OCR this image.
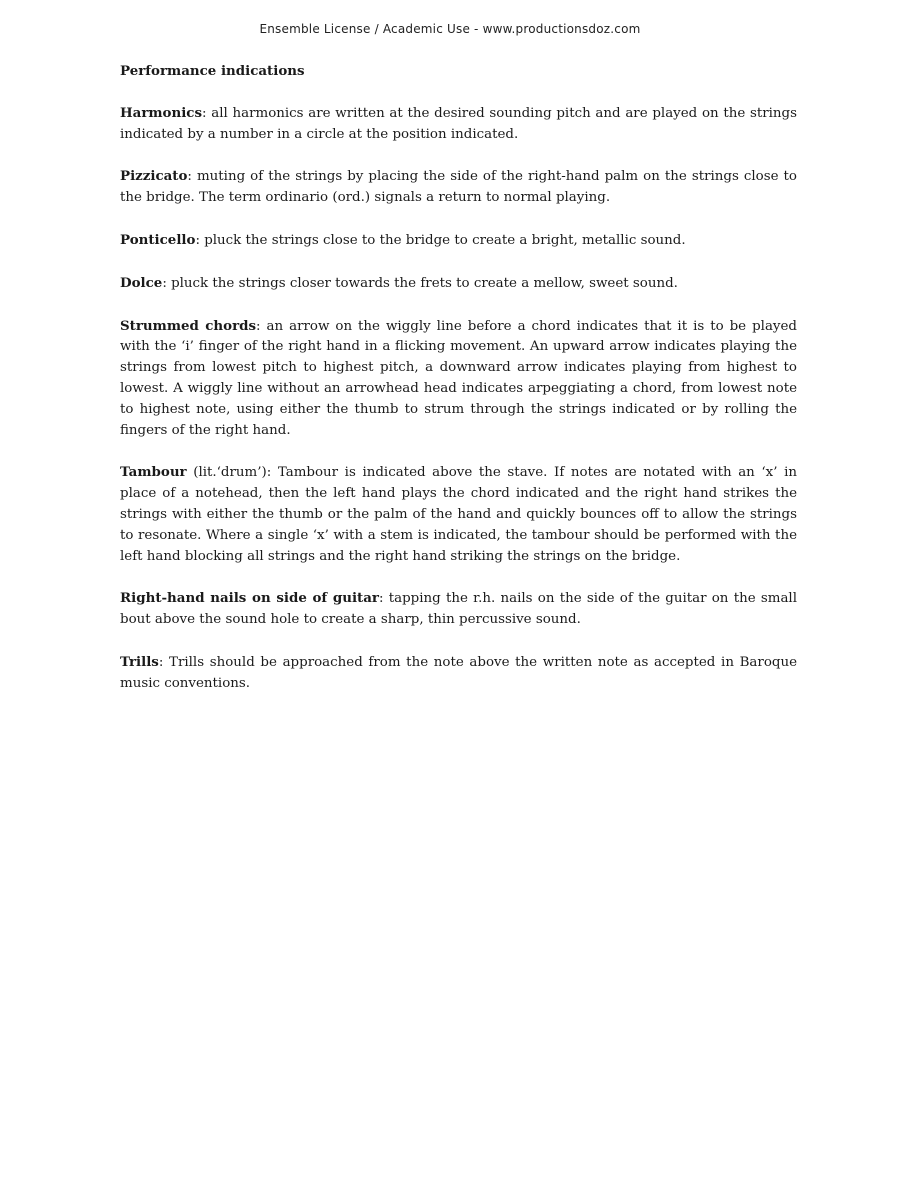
Ensemble License / Academic Use - www.productionsdoz.com
Performance indications

Harmonics: all harmonics are written at the desired sounding pitch and are played on the strings indicated by a number in a circle at the position indicated.

Pizzicato: muting of the strings by placing the side of the right-hand palm on the strings close to the bridge. The term ordinario (ord.) signals a return to normal playing.

Ponticello: pluck the strings close to the bridge to create a bright, metallic sound.

Dolce: pluck the strings closer towards the frets to create a mellow, sweet sound.

Strummed chords: an arrow on the wiggly line before a chord indicates that it is to be played with the ‘i’ finger of the right hand in a flicking movement. An upward arrow indicates playing the strings from lowest pitch to highest pitch, a downward arrow indicates playing from highest to lowest. A wiggly line without an arrowhead head indicates arpeggiating a chord, from lowest note to highest note, using either the thumb to strum through the strings indicated or by rolling the fingers of the right hand.

Tambour (lit.‘drum’): Tambour is indicated above the stave. If notes are notated with an ‘x’ in place of a notehead, then the left hand plays the chord indicated and the right hand strikes the strings with either the thumb or the palm of the hand and quickly bounces off to allow the strings to resonate. Where a single ‘x’ with a stem is indicated, the tambour should be performed with the left hand blocking all strings and the right hand striking the strings on the bridge.

Right-hand nails on side of guitar: tapping the r.h. nails on the side of the guitar on the small bout above the sound hole to create a sharp, thin percussive sound.

Trills: Trills should be approached from the note above the written note as accepted in Baroque music conventions.
